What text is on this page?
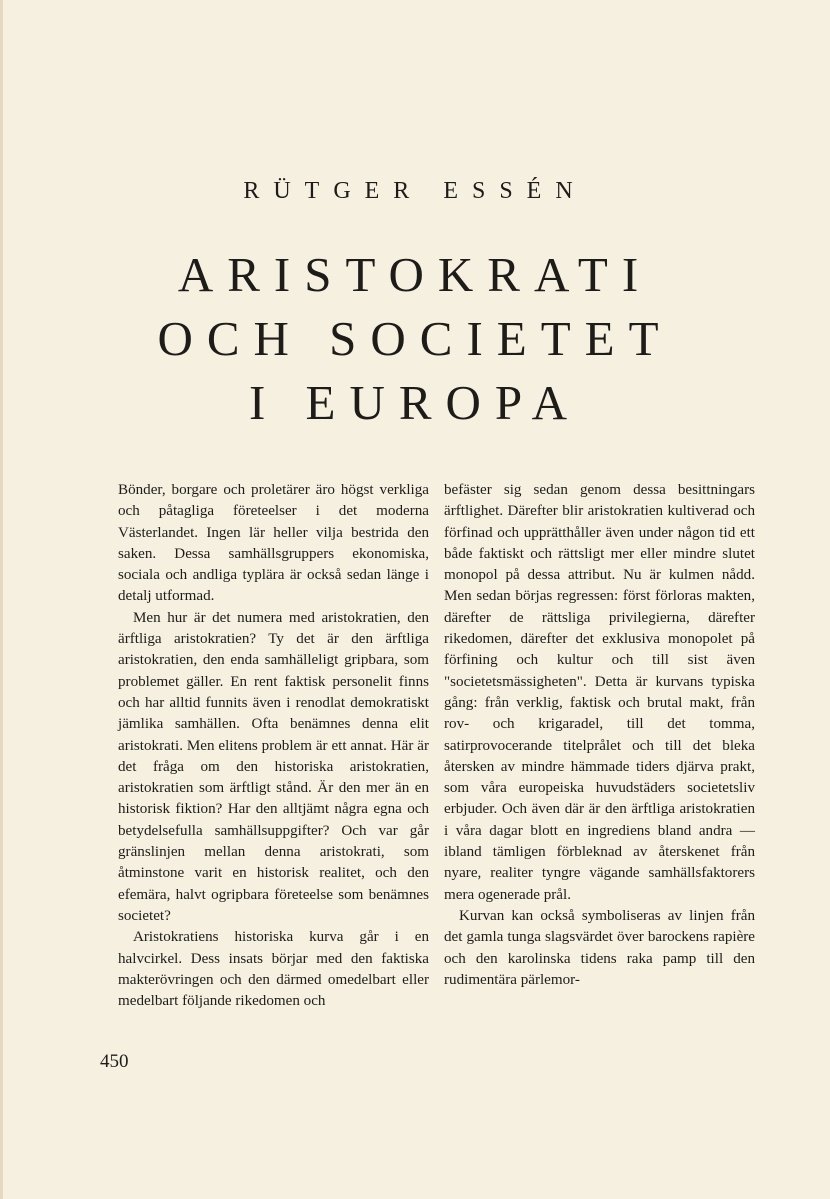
RÜTGER ESSÉN
ARISTOKRATI
OCH SOCIETET
I EUROPA

Bönder, borgare och proletärer äro högst verkliga och påtagliga företeelser i det moderna Västerlandet. Ingen lär heller vilja bestrida den saken. Dessa samhällsgruppers ekonomiska, sociala och andliga typlära är också sedan länge i detalj utformad.

Men hur är det numera med aristokratien, den ärftliga aristokratien? Ty det är den ärftliga aristokratien, den enda samhälleligt gripbara, som problemet gäller. En rent faktisk personelit finns och har alltid funnits även i renodlat demokratiskt jämlika samhällen. Ofta benämnes denna elit aristokrati. Men elitens problem är ett annat. Här är det fråga om den historiska aristokratien, aristokratien som ärftligt stånd. Är den mer än en historisk fiktion? Har den alltjämt några egna och betydelsefulla samhällsuppgifter? Och var går gränslinjen mellan denna aristokrati, som åtminstone varit en historisk realitet, och den efemära, halvt ogripbara företeelse som benämnes societet?

Aristokratiens historiska kurva går i en halvcirkel. Dess insats börjar med den faktiska makterövringen och den därmed omedelbart eller medelbart följande rikedomen och

befäster sig sedan genom dessa besittningars ärftlighet. Därefter blir aristokratien kultiverad och förfinad och upprätthåller även under någon tid ett både faktiskt och rättsligt mer eller mindre slutet monopol på dessa attribut. Nu är kulmen nådd. Men sedan börjas regressen: först förloras makten, därefter de rättsliga privilegierna, därefter rikedomen, därefter det exklusiva monopolet på förfining och kultur och till sist även "societetsmässigheten". Detta är kurvans typiska gång: från verklig, faktisk och brutal makt, från rov- och krigaradel, till det tomma, satirprovocerande titelprålet och till det bleka återsken av mindre hämmade tiders djärva prakt, som våra europeiska huvudstäders societetsliv erbjuder. Och även där är den ärftliga aristokratien i våra dagar blott en ingrediens bland andra — ibland tämligen förbleknad av återskenet från nyare, realiter tyngre vägande samhällsfaktorers mera ogenerade prål.

Kurvan kan också symboliseras av linjen från det gamla tunga slagsvärdet över barockens rapière och den karolinska tidens raka pamp till den rudimentära pärlemor-

450
